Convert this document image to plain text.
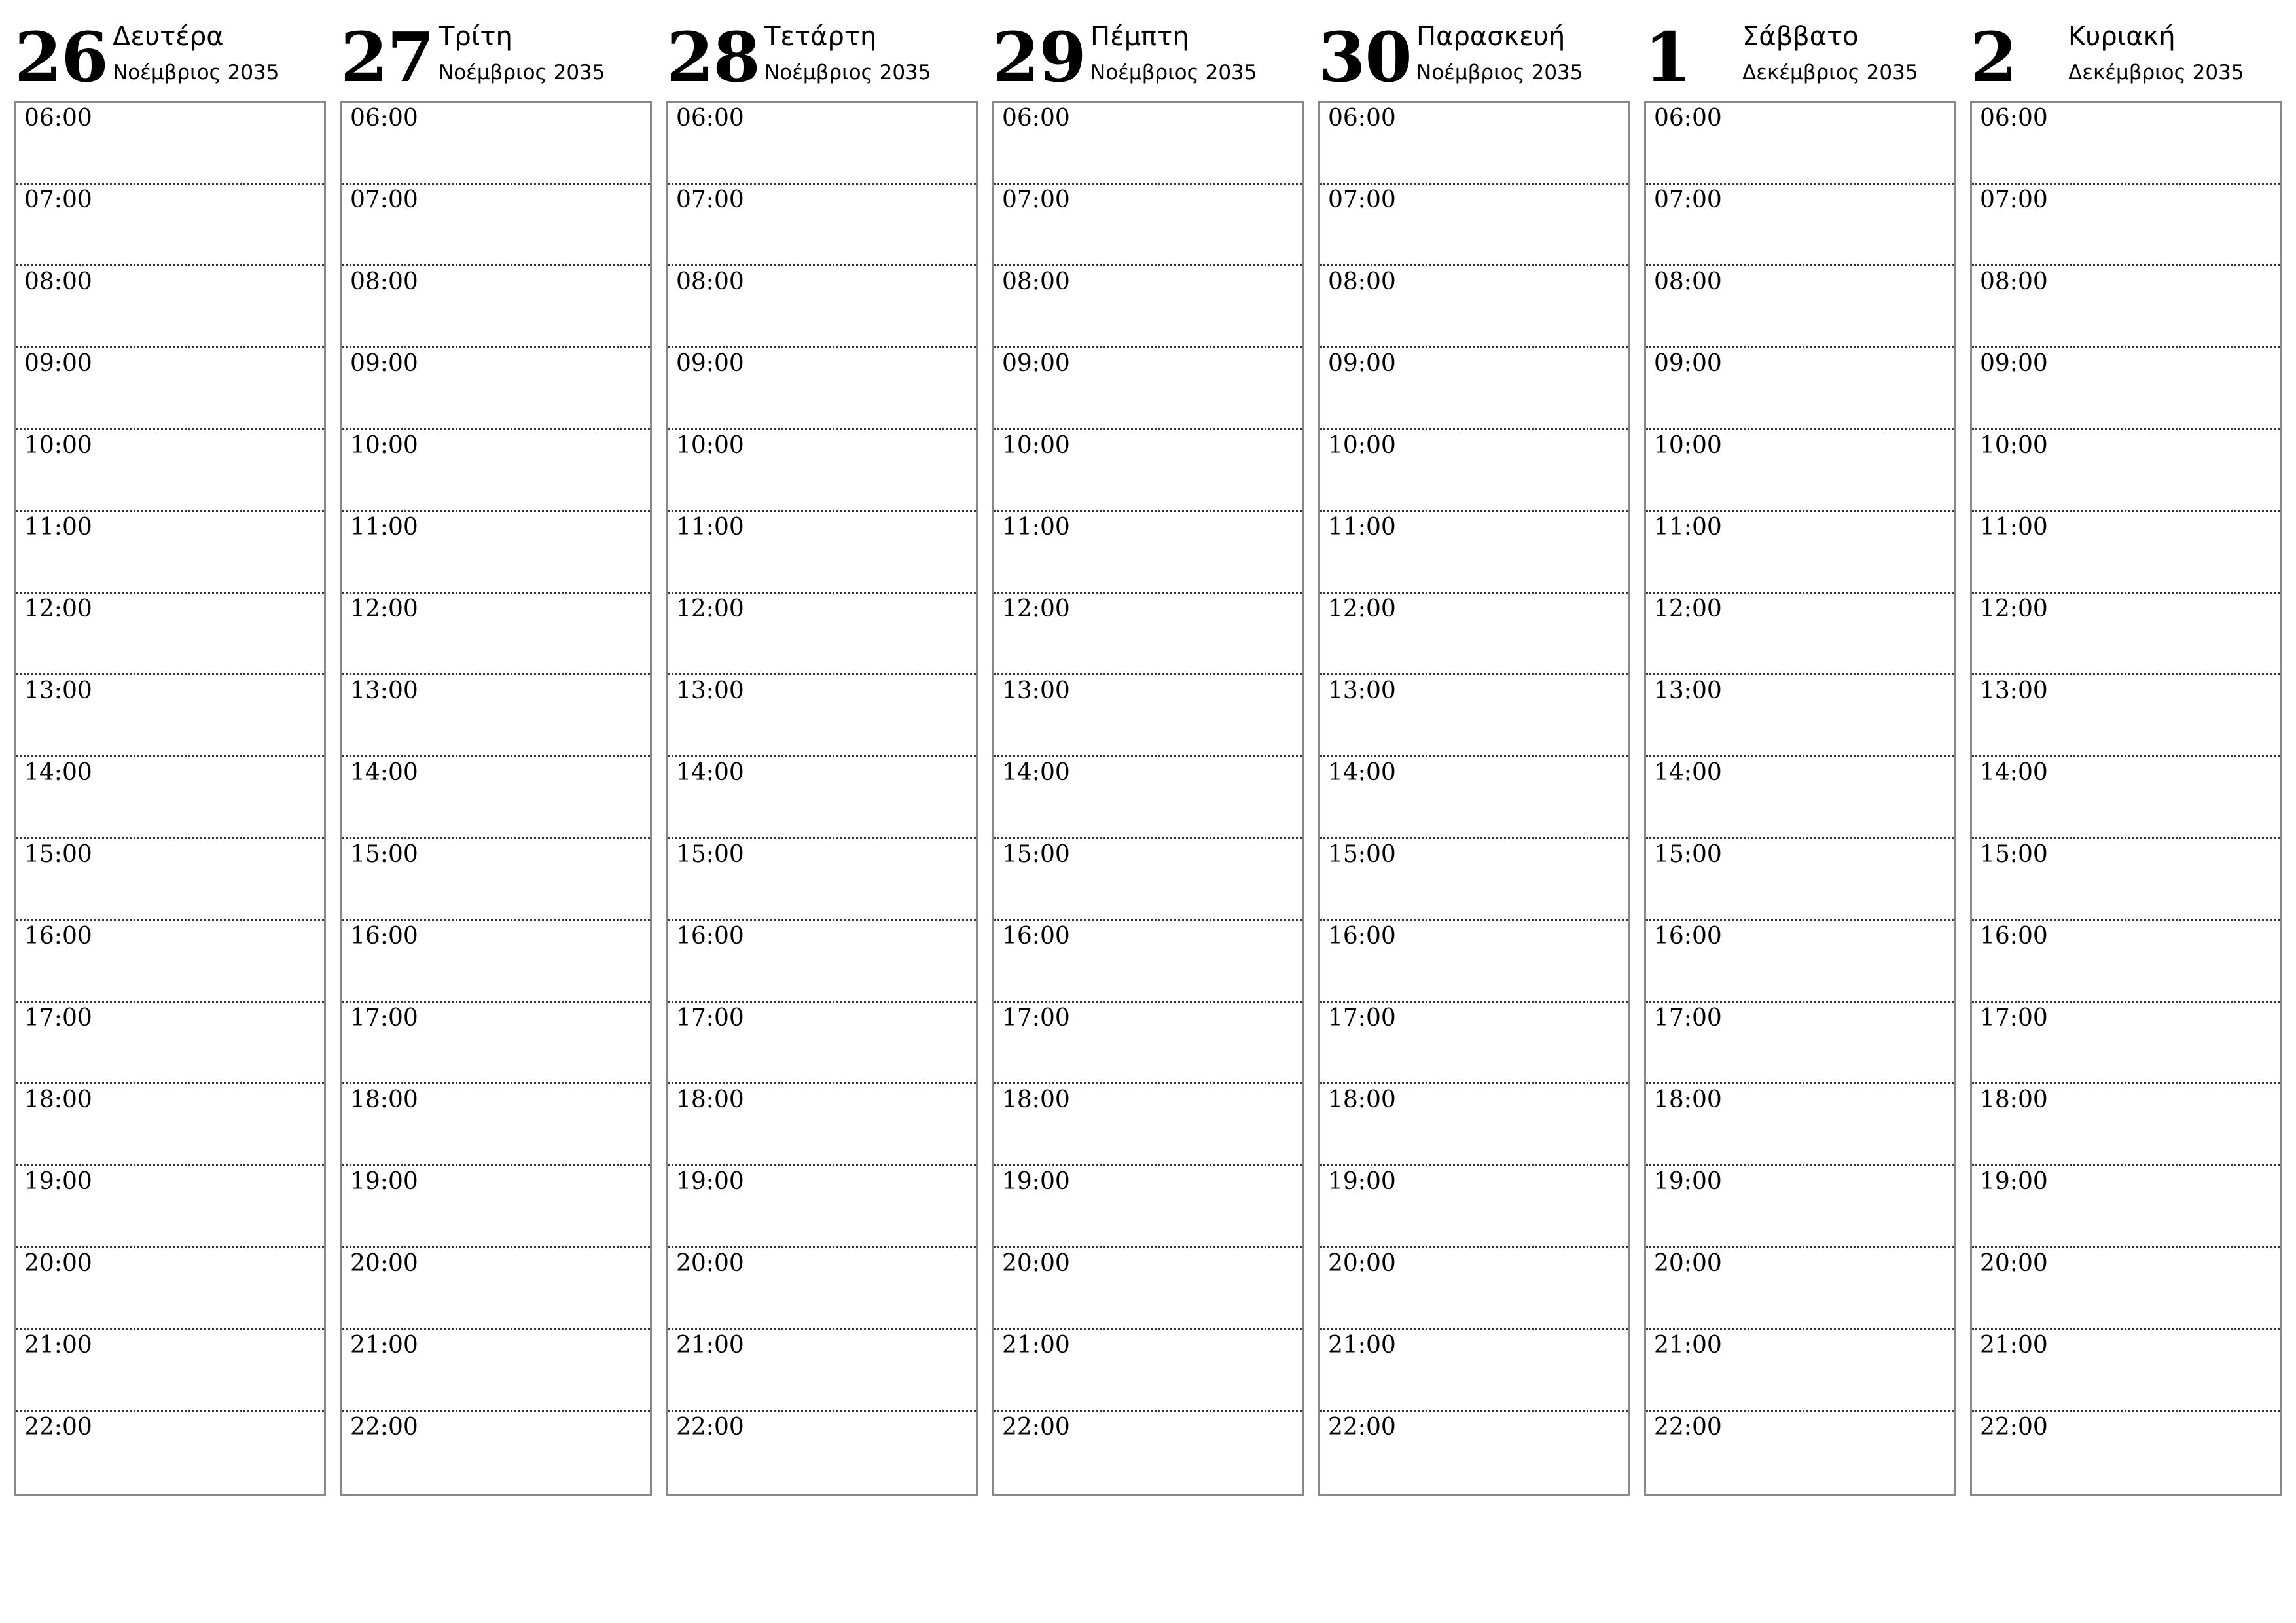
26 Δευτέρα
Νοέμβριος 2035
06:00
07:00
08:00
09:00
10:00
11:00
12:00
13:00
14:00
15:00
16:00
17:00
18:00
19:00
20:00
21:00
22:00
27 Τρίτη
Νοέμβριος 2035
06:00
07:00
08:00
09:00
10:00
11:00
12:00
13:00
14:00
15:00
16:00
17:00
18:00
19:00
20:00
21:00
22:00
28 Τετάρτη
Νοέμβριος 2035
06:00
07:00
08:00
09:00
10:00
11:00
12:00
13:00
14:00
15:00
16:00
17:00
18:00
19:00
20:00
21:00
22:00
29 Πέμπτη
Νοέμβριος 2035
06:00
07:00
08:00
09:00
10:00
11:00
12:00
13:00
14:00
15:00
16:00
17:00
18:00
19:00
20:00
21:00
22:00
30 Παρασκευή
Νοέμβριος 2035
06:00
07:00
08:00
09:00
10:00
11:00
12:00
13:00
14:00
15:00
16:00
17:00
18:00
19:00
20:00
21:00
22:00
1	Σάββατο
Δεκέμβριος 2035
06:00
07:00
08:00
09:00
10:00
11:00
12:00
13:00
14:00
15:00
16:00
17:00
18:00
19:00
20:00
21:00
22:00
2	Κυριακή
Δεκέμβριος 2035
06:00
07:00
08:00
09:00
10:00
11:00
12:00
13:00
14:00
15:00
16:00
17:00
18:00
19:00
20:00
21:00
22:00
